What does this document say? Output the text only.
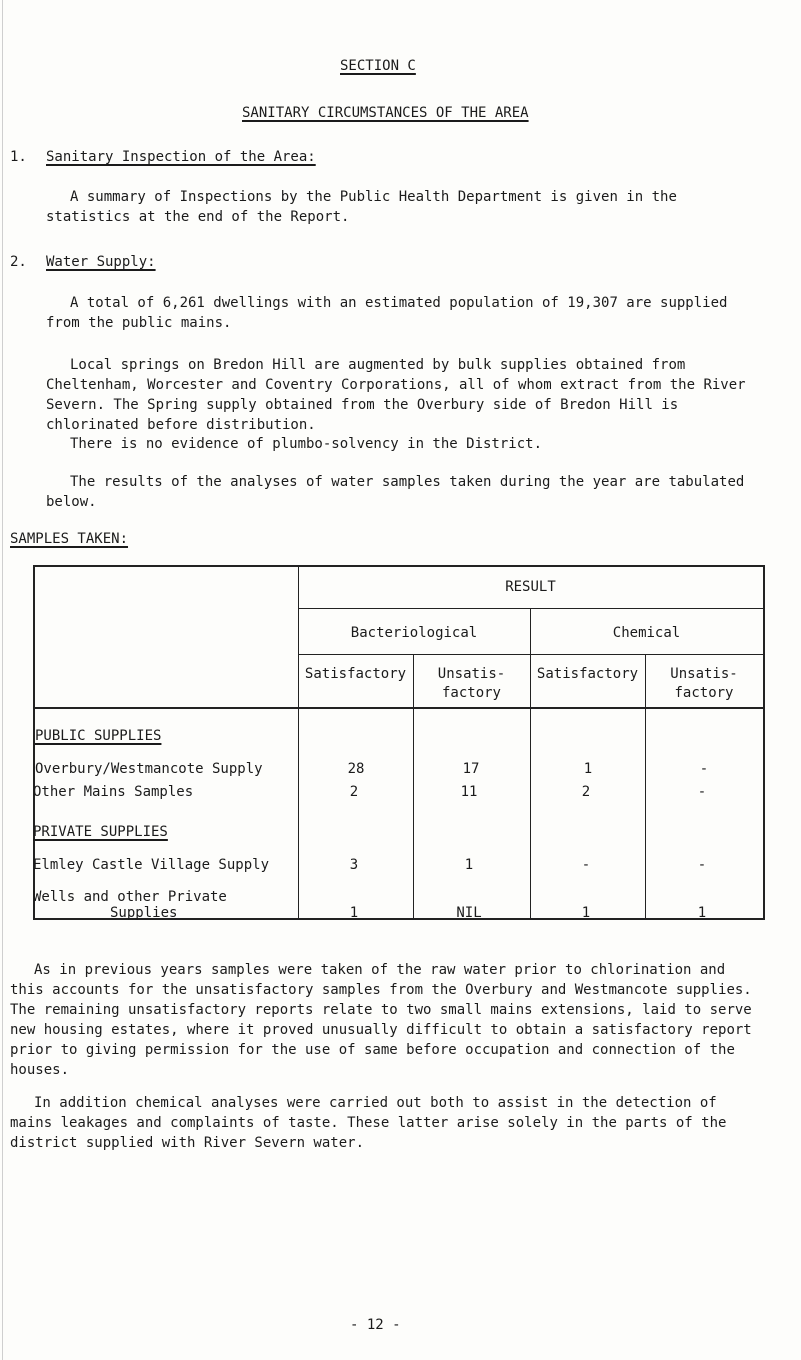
SECTION C
SANITARY CIRCUMSTANCES OF THE AREA
1. Sanitary Inspection of the Area:
A summary of Inspections by the Public Health Department is given in the statistics at the end of the Report.
2. Water Supply:
A total of 6,261 dwellings with an estimated population of 19,307 are supplied from the public mains.
Local springs on Bredon Hill are augmented by bulk supplies obtained from Cheltenham, Worcester and Coventry Corporations, all of whom extract from the River Severn. The Spring supply obtained from the Overbury side of Bredon Hill is chlorinated before distribution.
There is no evidence of plumbo-solvency in the District.
The results of the analyses of water samples taken during the year are tabulated below.
SAMPLES TAKEN:
RESULT
Bacteriological	Chemical
Satisfactory	Unsatis-
factory
Satisfactory	Unsatis-
factory
PUBLIC SUPPLIES
Overbury/Westmancote Supply	28	17	1	-
Other Mains Samples	2	11	2	-
PRIVATE SUPPLIES
Elmley Castle Village Supply	3	1	-	-
Wells and other Private
Supplies	1	NIL	1	1
As in previous years samples were taken of the raw water prior to chlorination and this accounts for the unsatisfactory samples from the Overbury and Westmancote supplies. The remaining unsatisfactory reports relate to two small mains extensions, laid to serve new housing estates, where it proved unusually difficult to obtain a satisfactory report prior to giving permission for the use of same before occupation and connection of the houses.
In addition chemical analyses were carried out both to assist in the detection of mains leakages and complaints of taste. These latter arise solely in the parts of the district supplied with River Severn water.
- 12 -
